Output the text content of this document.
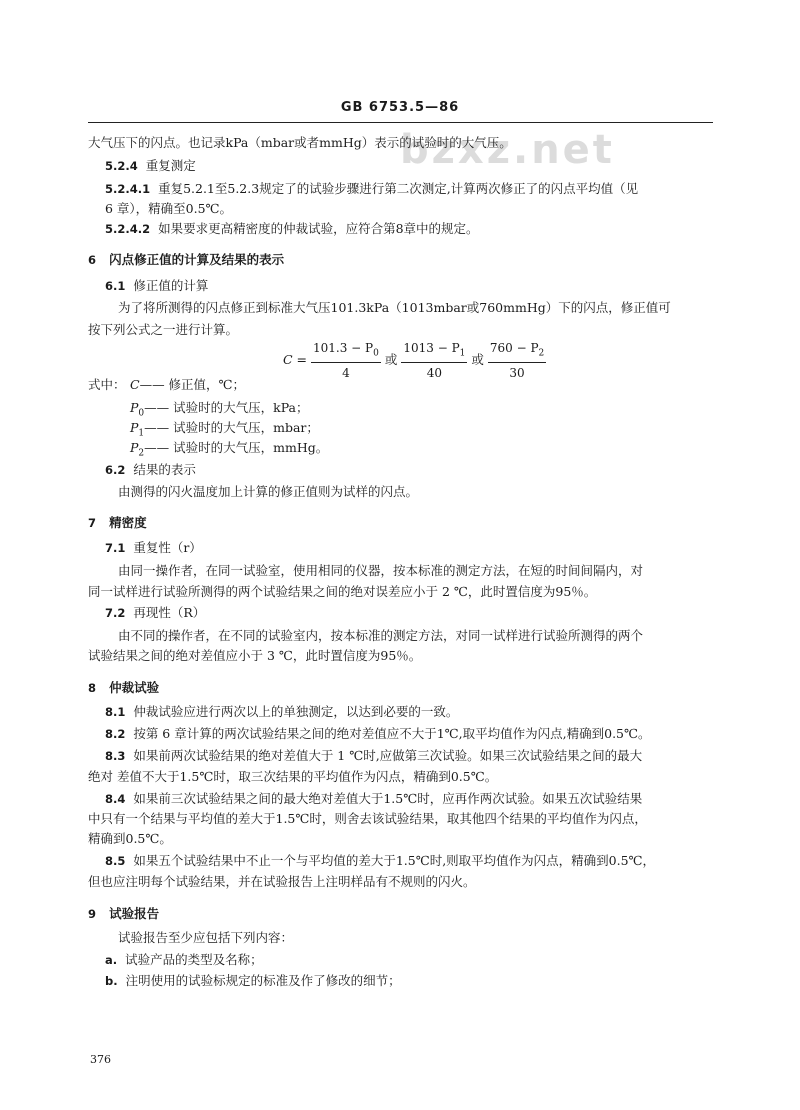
GB 6753.5—86
bzxz.net
大气压下的闪点。也记录kPa（mbar或者mmHg）表示的试验时的大气压。
5.2.4 重复测定
5.2.4.1 重复5.2.1至5.2.3规定了的试验步骤进行第二次测定,计算两次修正了的闪点平均值（见
6 章），精确至0.5℃。
5.2.4.2 如果要求更高精密度的仲裁试验，应符合第8章中的规定。
6 闪点修正值的计算及结果的表示
6.1 修正值的计算
为了将所测得的闪点修正到标准大气压101.3kPa（1013mbar或760mmHg）下的闪点，修正值可
按下列公式之一进行计算。
$C = \frac{101.3 - P_0}{4}$ 或 $\frac{1013 - P_1}{40}$ 或 $\frac{760 - P_2}{30}$
式中： C—— 修正值，℃；
$P_0——$ 试验时的大气压，kPa；
$P_1——$ 试验时的大气压，mbar；
$P_2——$ 试验时的大气压，mmHg。
6.2 结果的表示
由测得的闪火温度加上计算的修正值则为试样的闪点。
7 精密度
7.1 重复性（r）
由同一操作者，在同一试验室，使用相同的仪器，按本标准的测定方法，在短的时间间隔内，对
同一试样进行试验所测得的两个试验结果之间的绝对误差应小于 2 ℃，此时置信度为95％。
7.2 再现性（R）
由不同的操作者，在不同的试验室内，按本标准的测定方法，对同一试样进行试验所测得的两个
试验结果之间的绝对差值应小于 3 ℃，此时置信度为95％。
8 仲裁试验
8.1 仲裁试验应进行两次以上的单独测定，以达到必要的一致。
8.2 按第 6 章计算的两次试验结果之间的绝对差值应不大于1℃,取平均值作为闪点,精确到0.5℃。
8.3 如果前两次试验结果的绝对差值大于 1 ℃时,应做第三次试验。如果三次试验结果之间的最大
绝对 差值不大于1.5℃时，取三次结果的平均值作为闪点，精确到0.5℃。
8.4 如果前三次试验结果之间的最大绝对差值大于1.5℃时，应再作两次试验。如果五次试验结果
中只有一个结果与平均值的差大于1.5℃时，则舍去该试验结果，取其他四个结果的平均值作为闪点，
精确到0.5℃。
8.5 如果五个试验结果中不止一个与平均值的差大于1.5℃时,则取平均值作为闪点，精确到0.5℃，
但也应注明每个试验结果，并在试验报告上注明样品有不规则的闪火。
9 试验报告
试验报告至少应包括下列内容：
a. 试验产品的类型及名称；
b. 注明使用的试验标规定的标准及作了修改的细节；
376
